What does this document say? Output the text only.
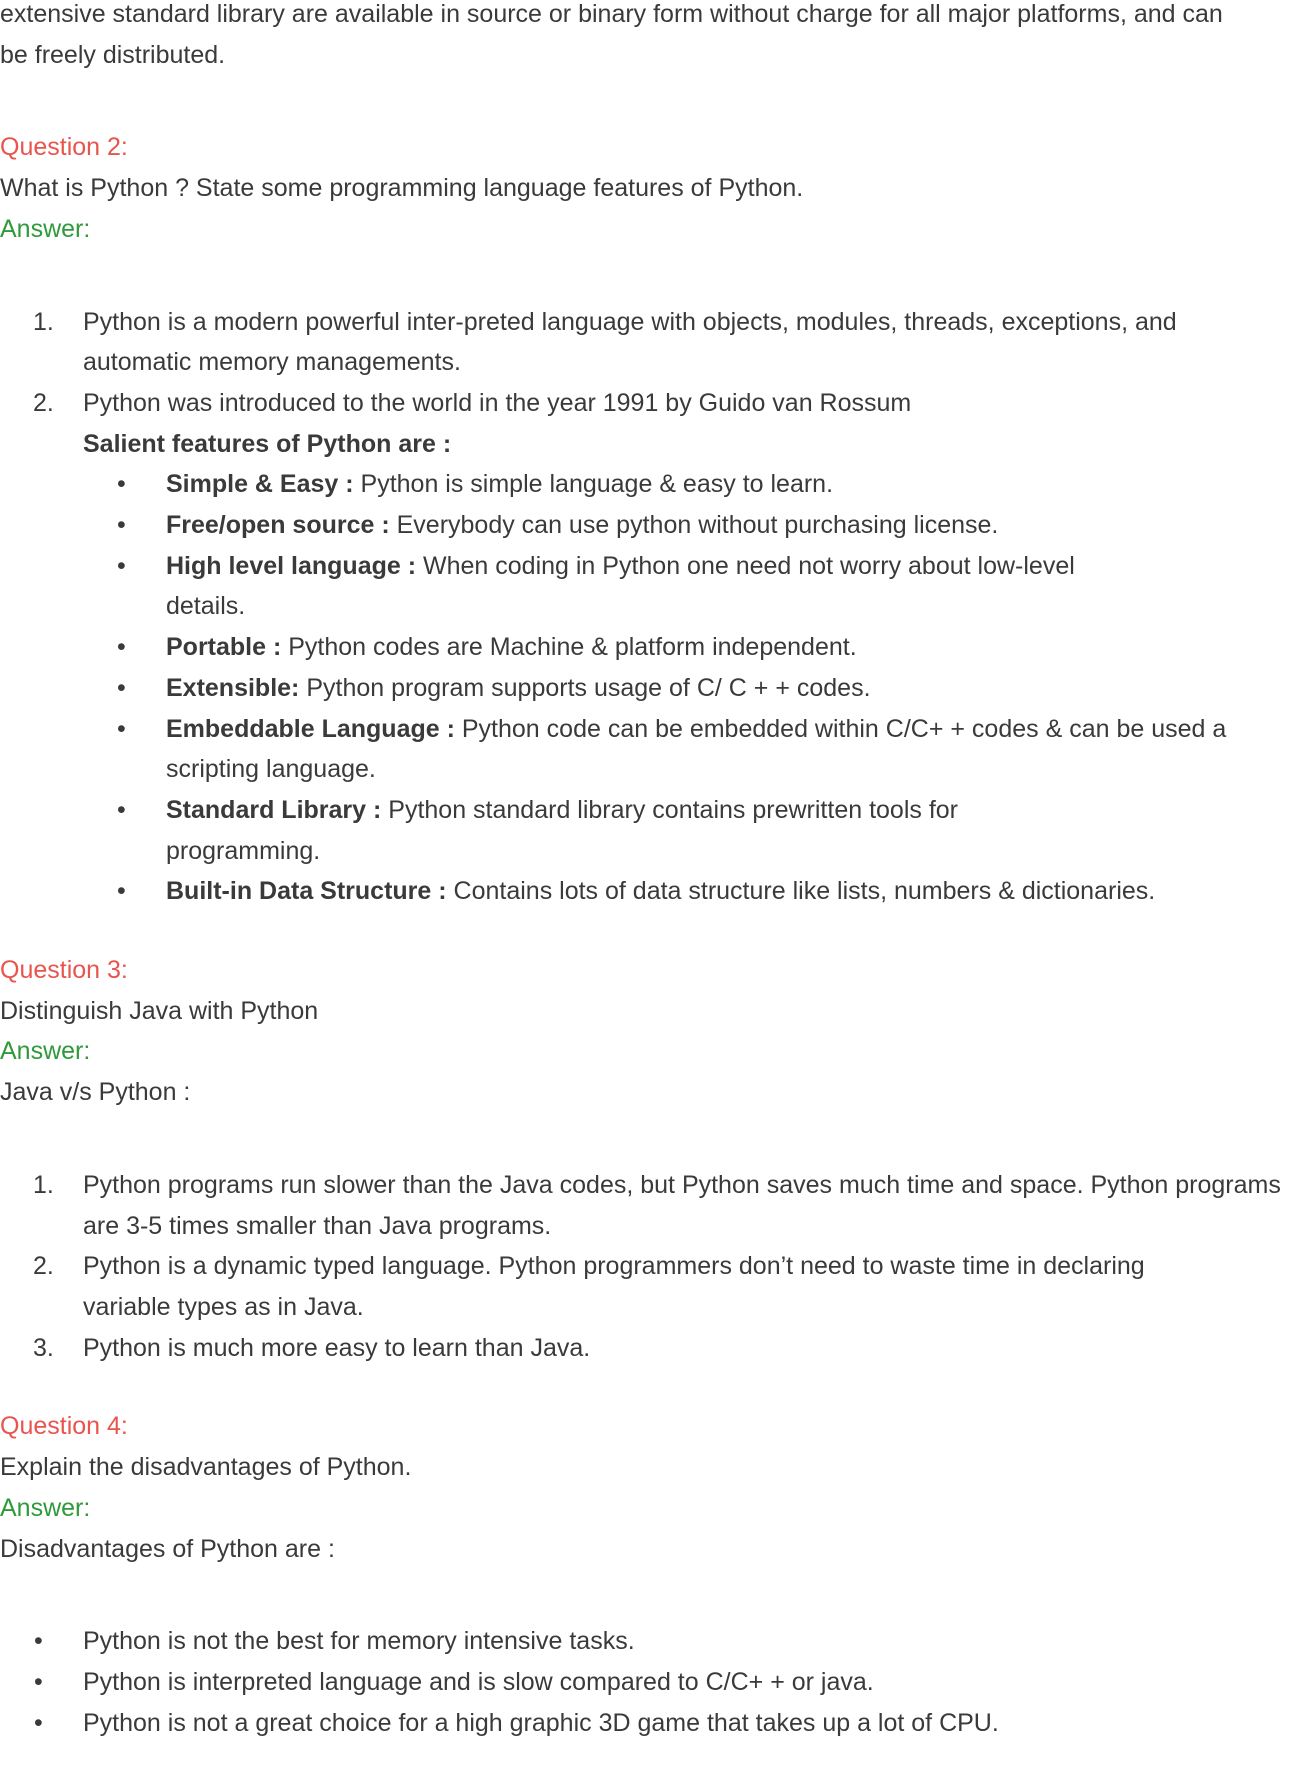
extensive standard library are available in source or binary form without charge for all major platforms, and can be freely distributed.

Question 2:

What is Python ? State some programming language features of Python.

Answer:

1. Python is a modern powerful inter-preted language with objects, modules, threads, exceptions, and automatic memory managements.
2. Python was introduced to the world in the year 1991 by Guido van Rossum
Salient features of Python are :
• Simple & Easy : Python is simple language & easy to learn.
• Free/open source : Everybody can use python without purchasing license.
• High level language : When coding in Python one need not worry about low-level details.
• Portable : Python codes are Machine & platform independent.
• Extensible: Python program supports usage of C/ C + + codes.
• Embeddable Language : Python code can be embedded within C/C+ + codes & can be used a scripting language.
• Standard Library : Python standard library contains prewritten tools for programming.
• Built-in Data Structure : Contains lots of data structure like lists, numbers & dictionaries.

Question 3:

Distinguish Java with Python

Answer:

Java v/s Python :

1. Python programs run slower than the Java codes, but Python saves much time and space. Python programs are 3-5 times smaller than Java programs.
2. Python is a dynamic typed language. Python programmers don’t need to waste time in declaring variable types as in Java.
3. Python is much more easy to learn than Java.

Question 4:

Explain the disadvantages of Python.

Answer:

Disadvantages of Python are :

• Python is not the best for memory intensive tasks.
• Python is interpreted language and is slow compared to C/C+ + or java.
• Python is not a great choice for a high graphic 3D game that takes up a lot of CPU.
